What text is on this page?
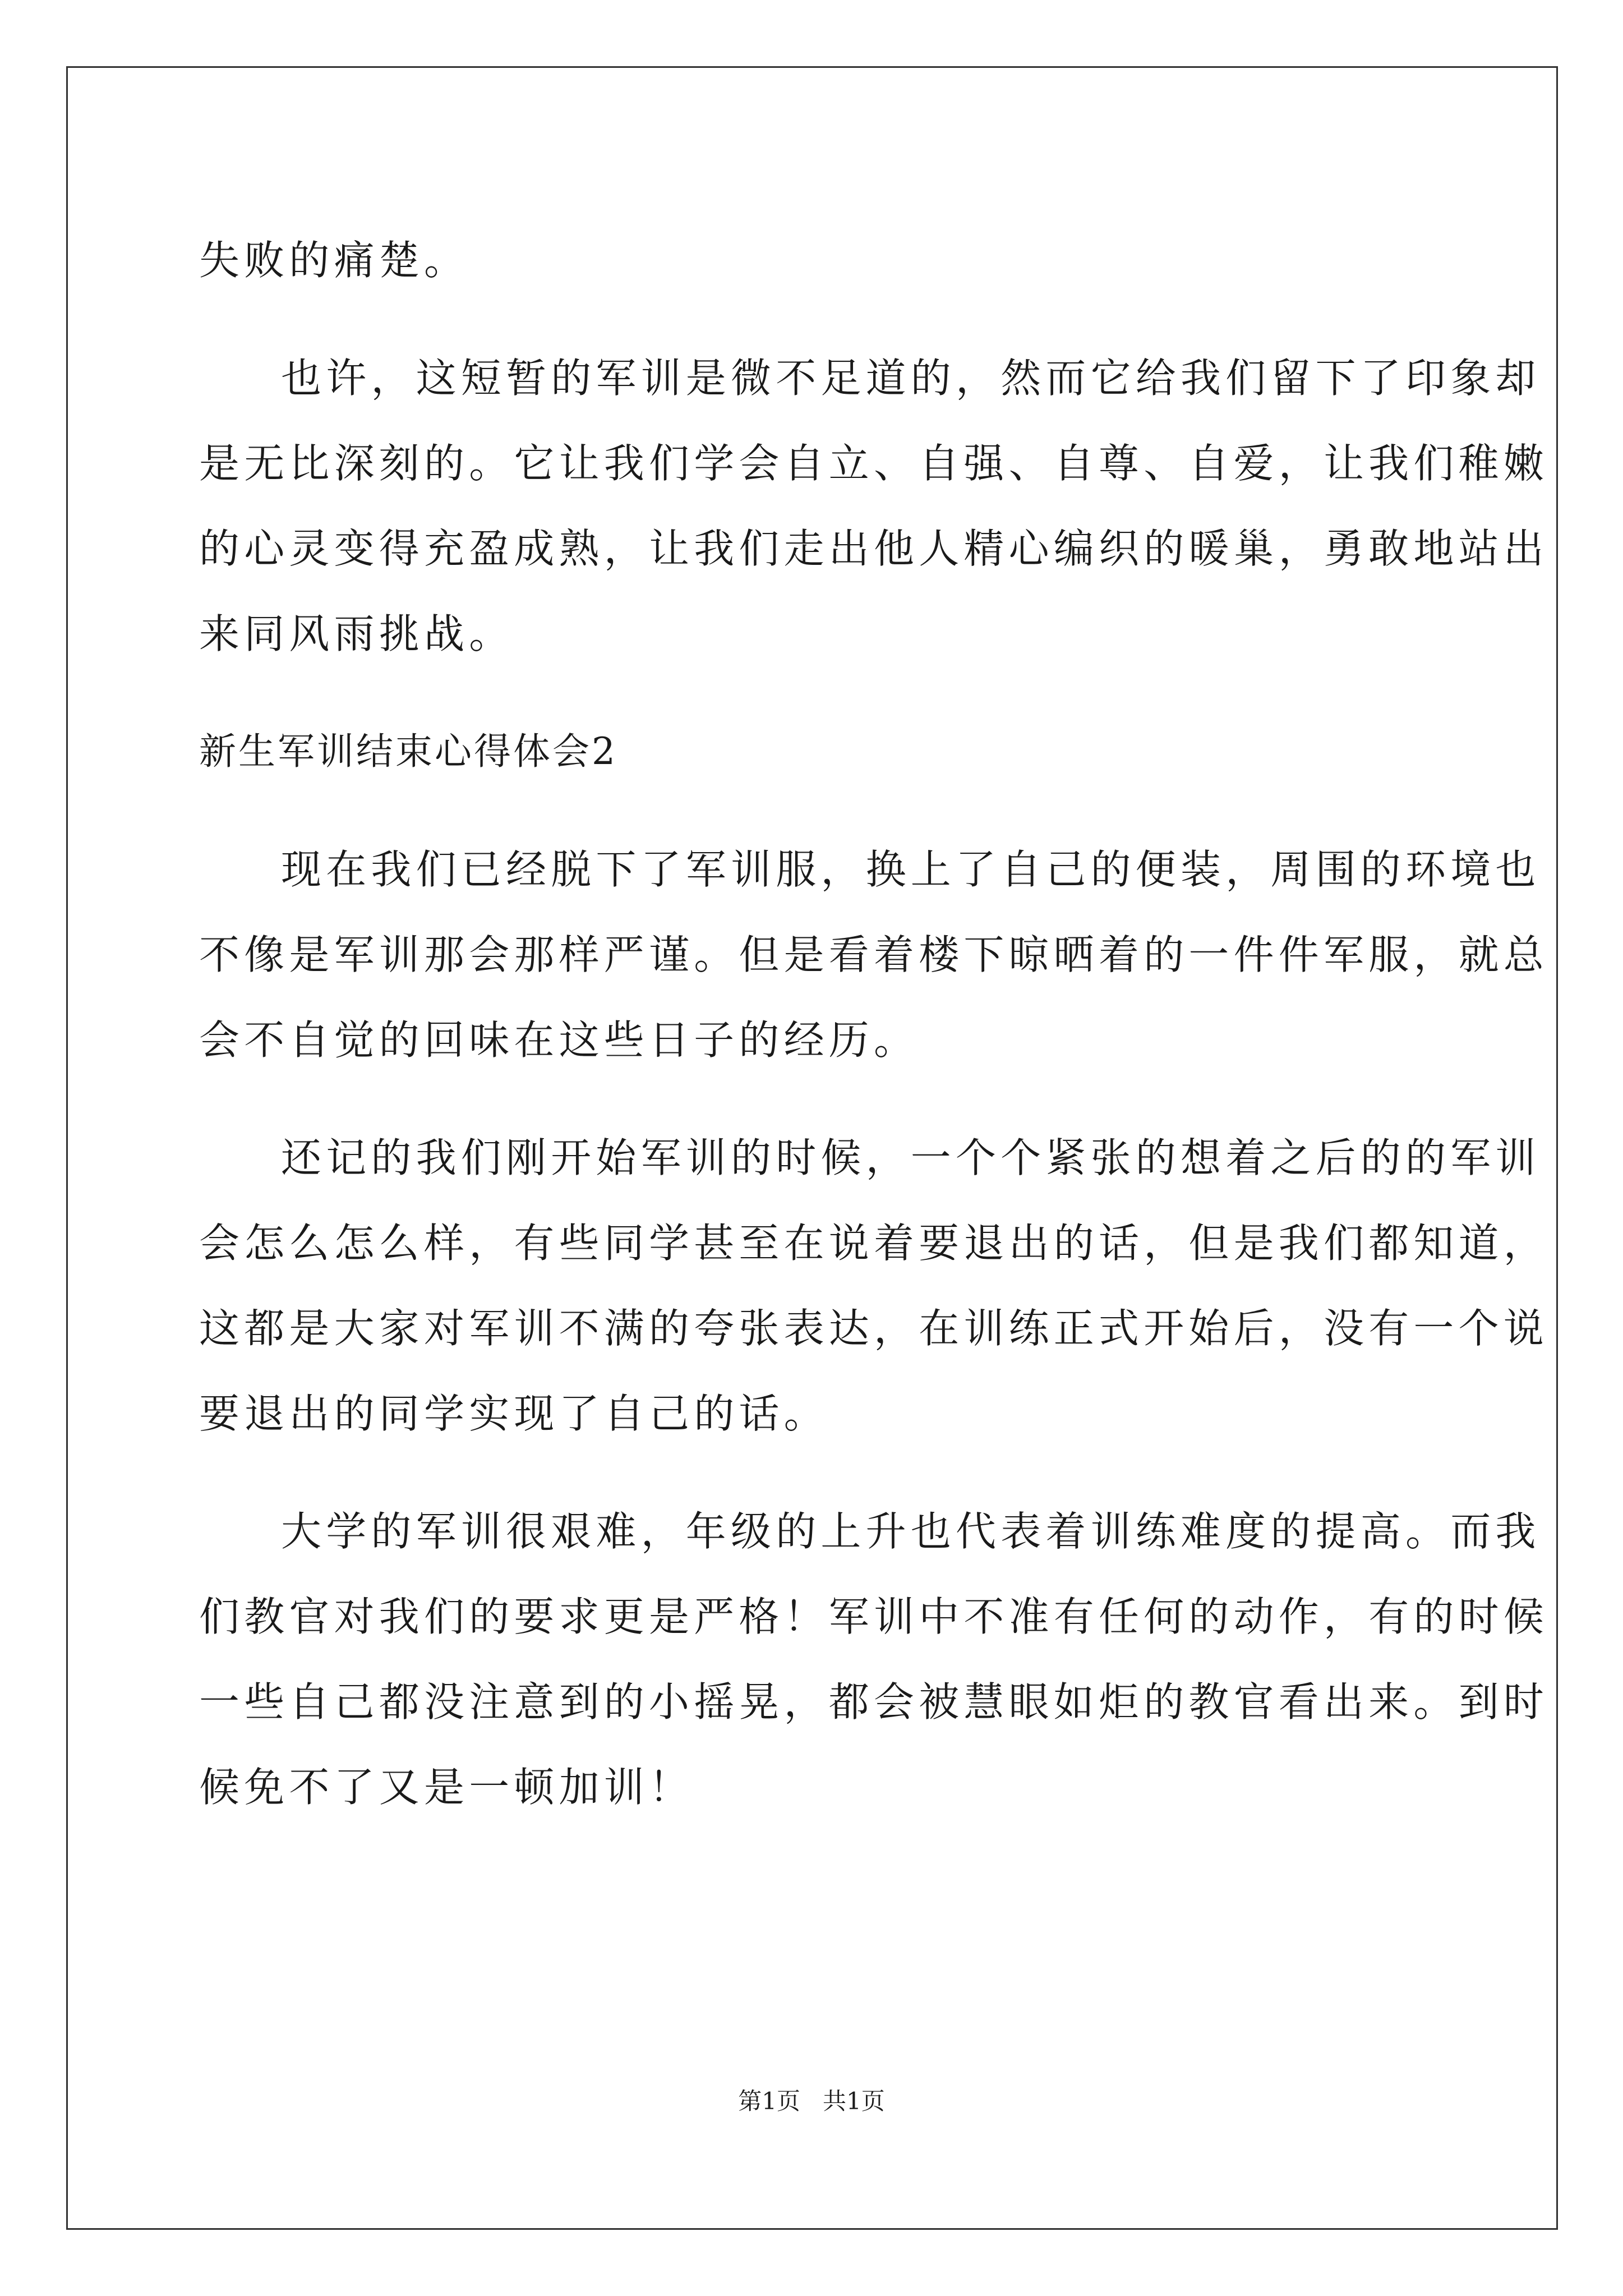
失败的痛楚。

也许，这短暂的军训是微不足道的，然而它给我们留下了印象却

是无比深刻的。它让我们学会自立、自强、自尊、自爱，让我们稚嫩

的心灵变得充盈成熟，让我们走出他人精心编织的暖巢，勇敢地站出

来同风雨挑战。

新生军训结束心得体会2

现在我们已经脱下了军训服，换上了自己的便装，周围的环境也

不像是军训那会那样严谨。但是看着楼下晾晒着的一件件军服，就总

会不自觉的回味在这些日子的经历。

还记的我们刚开始军训的时候，一个个紧张的想着之后的的军训

会怎么怎么样，有些同学甚至在说着要退出的话，但是我们都知道，

这都是大家对军训不满的夸张表达，在训练正式开始后，没有一个说

要退出的同学实现了自己的话。

大学的军训很艰难，年级的上升也代表着训练难度的提高。而我

们教官对我们的要求更是严格！军训中不准有任何的动作，有的时候

一些自己都没注意到的小摇晃，都会被慧眼如炬的教官看出来。到时

候免不了又是一顿加训！

第1页   共1页
